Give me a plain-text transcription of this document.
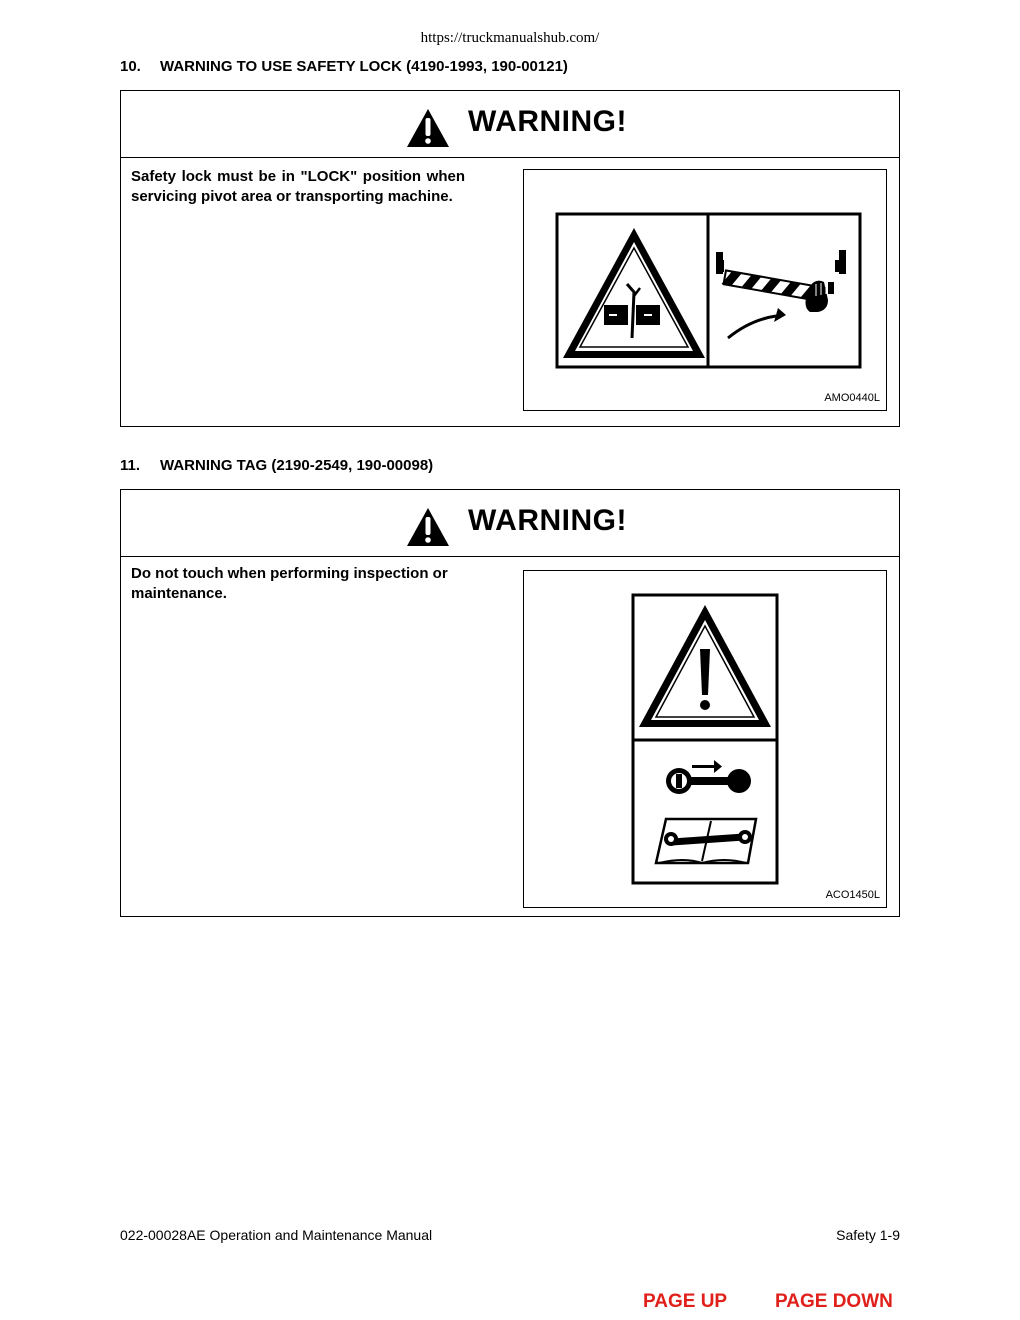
https://truckmanualshub.com/
10. WARNING TO USE SAFETY LOCK (4190-1993, 190-00121)
WARNING!
Safety lock must be in "LOCK" position when servicing pivot area or transporting machine.
AMO0440L
11. WARNING TAG (2190-2549, 190-00098)
WARNING!
Do not touch when performing inspection or maintenance.
ACO1450L
022-00028AE Operation and Maintenance Manual	Safety 1-9
PAGE UP	PAGE DOWN
